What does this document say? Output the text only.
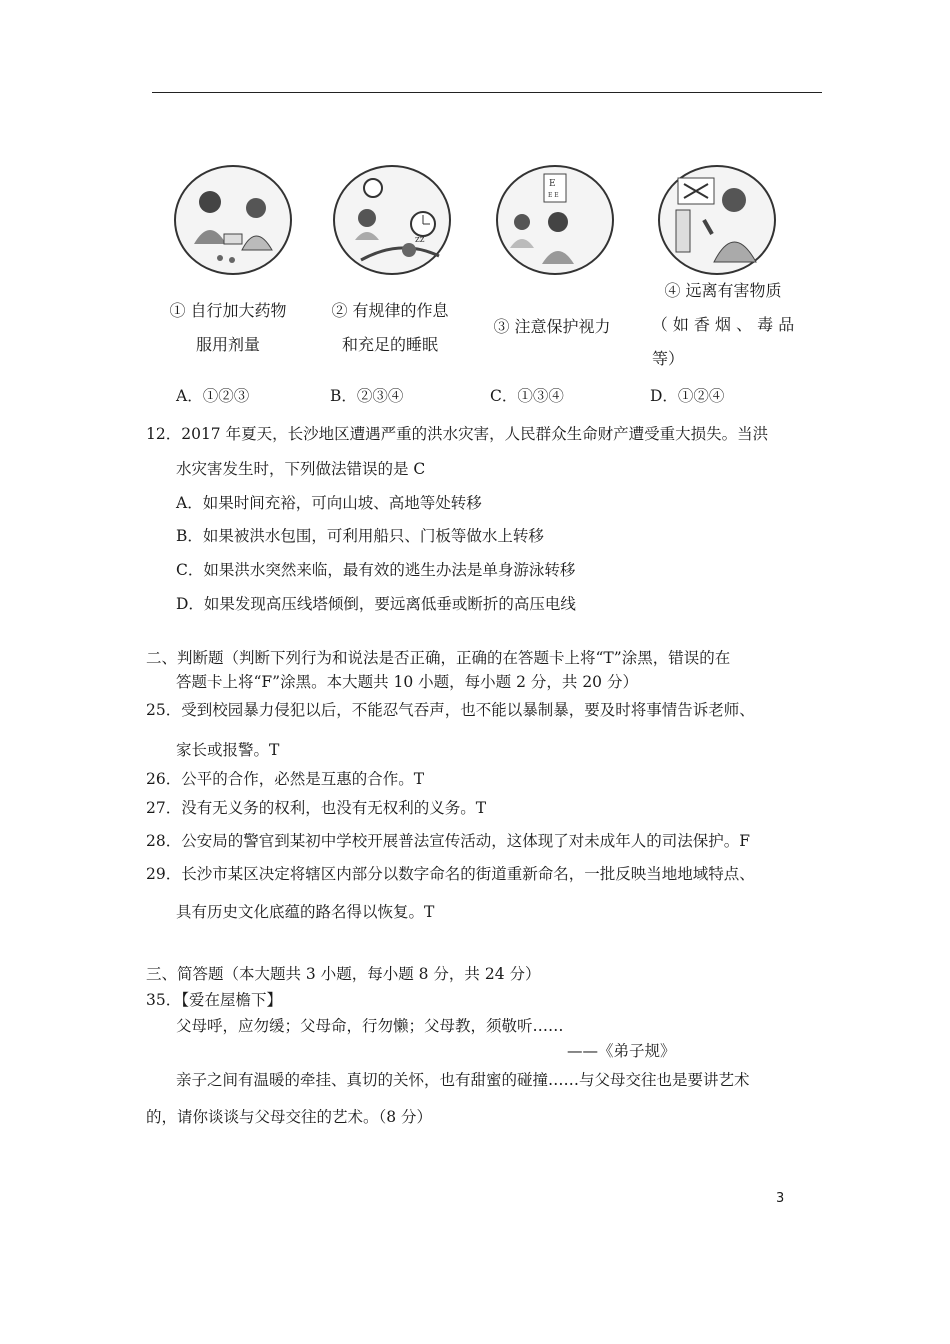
zz
E
E E
① 自行加大药物
服用剂量
② 有规律的作息
和充足的睡眠
③ 注意保护视力
④ 远离有害物质
（ 如 香 烟 、 毒 品
等）
A．①②③	B．②③④	C．①③④	D．①②④
12．2017 年夏天，长沙地区遭遇严重的洪水灾害，人民群众生命财产遭受重大损失。当洪
水灾害发生时，下列做法错误的是 C
A．如果时间充裕，可向山坡、高地等处转移
B．如果被洪水包围，可利用船只、门板等做水上转移
C．如果洪水突然来临，最有效的逃生办法是单身游泳转移
D．如果发现高压线塔倾倒，要远离低垂或断折的高压电线
二、判断题（判断下列行为和说法是否正确，正确的在答题卡上将“T”涂黑，错误的在
答题卡上将“F”涂黑。本大题共 10 小题，每小题 2 分，共 20 分）
25．受到校园暴力侵犯以后，不能忍气吞声，也不能以暴制暴，要及时将事情告诉老师、
家长或报警。T
26．公平的合作，必然是互惠的合作。T
27．没有无义务的权利，也没有无权利的义务。T
28．公安局的警官到某初中学校开展普法宣传活动，这体现了对未成年人的司法保护。F
29．长沙市某区决定将辖区内部分以数字命名的街道重新命名，一批反映当地地域特点、
具有历史文化底蕴的路名得以恢复。T
三、简答题（本大题共 3 小题，每小题 8 分，共 24 分）
35．【爱在屋檐下】
父母呼，应勿缓；父母命，行勿懒；父母教，须敬听……
——《弟子规》
亲子之间有温暖的牵挂、真切的关怀，也有甜蜜的碰撞……与父母交往也是要讲艺术
的，请你谈谈与父母交往的艺术。（8 分）
3
